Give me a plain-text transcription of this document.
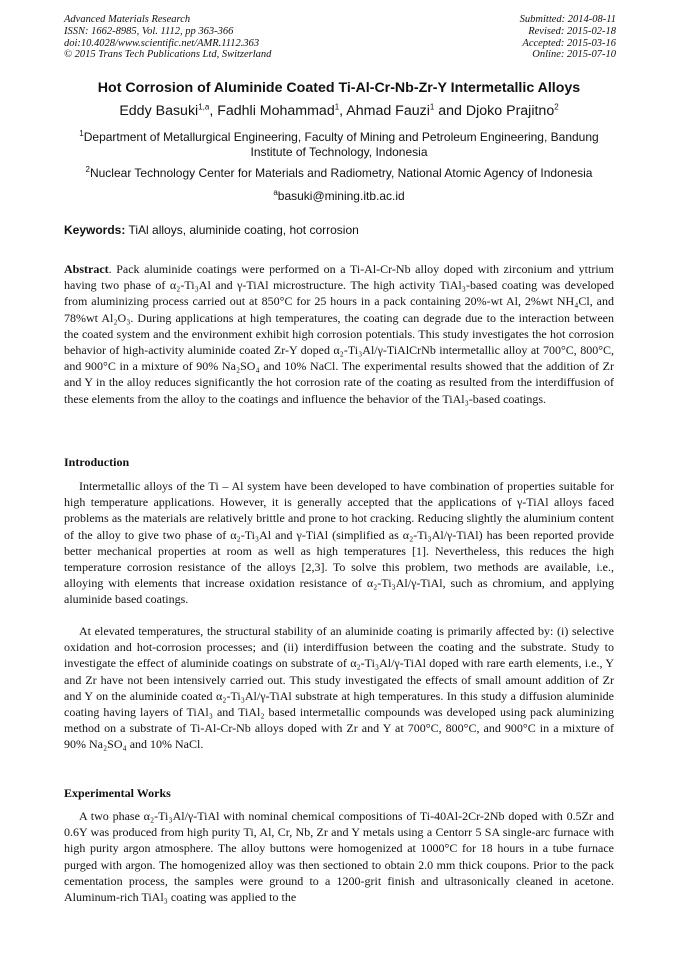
Advanced Materials Research
ISSN: 1662-8985, Vol. 1112, pp 363-366
doi:10.4028/www.scientific.net/AMR.1112.363
© 2015 Trans Tech Publications Ltd, Switzerland
Submitted: 2014-08-11
Revised: 2015-02-18
Accepted: 2015-03-16
Online: 2015-07-10
Hot Corrosion of Aluminide Coated Ti-Al-Cr-Nb-Zr-Y Intermetallic Alloys
Eddy Basuki$^{1,a}$, Fadhli Mohammad$^1$, Ahmad Fauzi$^1$ and Djoko Prajitno$^2$
$^1$Department of Metallurgical Engineering, Faculty of Mining and Petroleum Engineering, Bandung Institute of Technology, Indonesia
$^2$Nuclear Technology Center for Materials and Radiometry, National Atomic Agency of Indonesia
$^a$basuki@mining.itb.ac.id
Keywords: TiAl alloys, aluminide coating, hot corrosion
Abstract. Pack aluminide coatings were performed on a Ti-Al-Cr-Nb alloy doped with zirconium and yttrium having two phase of α₂-Ti₃Al and γ-TiAl microstructure. The high activity TiAl₃-based coating was developed from aluminizing process carried out at 850°C for 25 hours in a pack containing 20%-wt Al, 2%wt NH₄Cl, and 78%wt Al₂O₃. During applications at high temperatures, the coating can degrade due to the interaction between the coated system and the environment exhibit high corrosion potentials. This study investigates the hot corrosion behavior of high-activity aluminide coated Zr-Y doped α₂-Ti₃Al/γ-TiAlCrNb intermetallic alloy at 700°C, 800°C, and 900°C in a mixture of 90% Na₂SO₄ and 10% NaCl. The experimental results showed that the addition of Zr and Y in the alloy reduces significantly the hot corrosion rate of the coating as resulted from the interdiffusion of these elements from the alloy to the coatings and influence the behavior of the TiAl₃-based coatings.
Introduction
Intermetallic alloys of the Ti – Al system have been developed to have combination of properties suitable for high temperature applications. However, it is generally accepted that the applications of γ-TiAl alloys faced problems as the materials are relatively brittle and prone to hot cracking. Reducing slightly the aluminium content of the alloy to give two phase of α₂-Ti₃Al and γ-TiAl (simplified as α₂-Ti₃Al/γ-TiAl) has been reported provide better mechanical properties at room as well as high temperatures [1]. Nevertheless, this reduces the high temperature corrosion resistance of the alloys [2,3]. To solve this problem, two methods are available, i.e., alloying with elements that increase oxidation resistance of α₂-Ti₃Al/γ-TiAl, such as chromium, and applying aluminide based coatings.
At elevated temperatures, the structural stability of an aluminide coating is primarily affected by: (i) selective oxidation and hot-corrosion processes; and (ii) interdiffusion between the coating and the substrate. Study to investigate the effect of aluminide coatings on substrate of α₂-Ti₃Al/γ-TiAl doped with rare earth elements, i.e., Y and Zr have not been intensively carried out. This study investigated the effects of small amount addition of Zr and Y on the aluminide coated α₂-Ti₃Al/γ-TiAl substrate at high temperatures. In this study a diffusion aluminide coating having layers of TiAl₃ and TiAl₂ based intermetallic compounds was developed using pack aluminizing method on a substrate of Ti-Al-Cr-Nb alloys doped with Zr and Y at 700°C, 800°C, and 900°C in a mixture of 90% Na₂SO₄ and 10% NaCl.
Experimental Works
A two phase α₂-Ti₃Al/γ-TiAl with nominal chemical compositions of Ti-40Al-2Cr-2Nb doped with 0.5Zr and 0.6Y was produced from high purity Ti, Al, Cr, Nb, Zr and Y metals using a Centorr 5 SA single-arc furnace with high purity argon atmosphere. The alloy buttons were homogenized at 1000°C for 18 hours in a tube furnace purged with argon. The homogenized alloy was then sectioned to obtain 2.0 mm thick coupons. Prior to the pack cementation process, the samples were ground to a 1200-grit finish and ultrasonically cleaned in acetone. Aluminum-rich TiAl₃ coating was applied to the
